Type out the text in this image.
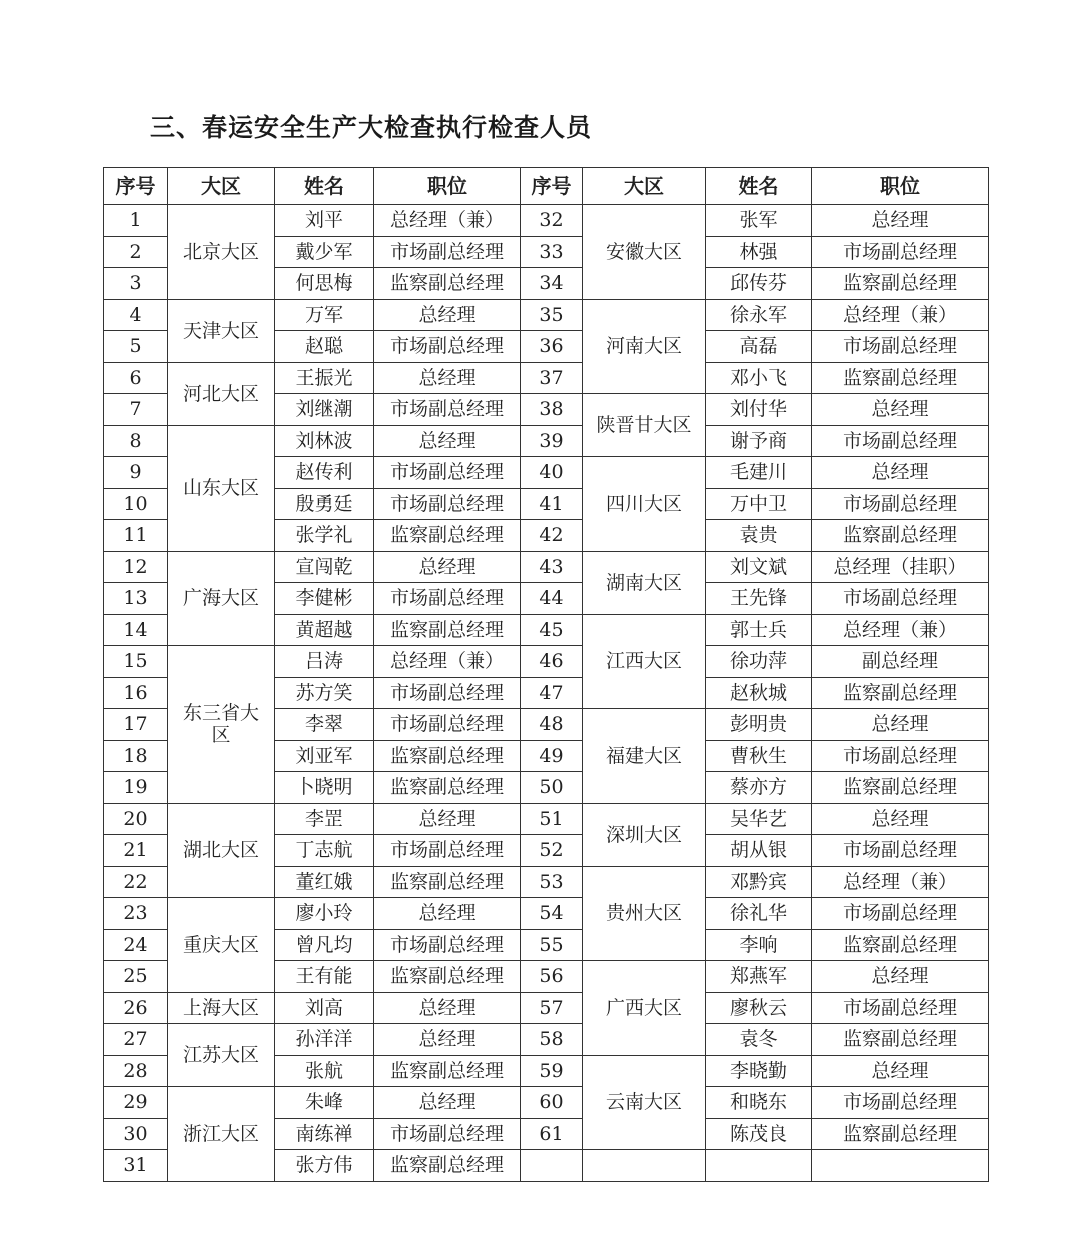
三、春运安全生产大检查执行检查人员
序号	大区	姓名	职位	序号	大区	姓名	职位
1	北京大区	刘平	总经理（兼）	32	安徽大区	张军	总经理
2		戴少军	市场副总经理	33		林强	市场副总经理
3		何思梅	监察副总经理	34		邱传芬	监察副总经理
4	天津大区	万军	总经理	35	河南大区	徐永军	总经理（兼）
5		赵聪	市场副总经理	36		高磊	市场副总经理
6	河北大区	王振光	总经理	37		邓小飞	监察副总经理
7		刘继潮	市场副总经理	38	陕晋甘大区	刘付华	总经理
8	山东大区	刘林波	总经理	39		谢予商	市场副总经理
9		赵传利	市场副总经理	40	四川大区	毛建川	总经理
10		殷勇廷	市场副总经理	41		万中卫	市场副总经理
11		张学礼	监察副总经理	42		袁贵	监察副总经理
12	广海大区	宣闯乾	总经理	43	湖南大区	刘文斌	总经理（挂职）
13		李健彬	市场副总经理	44		王先锋	市场副总经理
14		黄超越	监察副总经理	45	江西大区	郭士兵	总经理（兼）
15	东三省大区	吕涛	总经理（兼）	46		徐功萍	副总经理
16		苏方笑	市场副总经理	47		赵秋城	监察副总经理
17		李翠	市场副总经理	48	福建大区	彭明贵	总经理
18		刘亚军	监察副总经理	49		曹秋生	市场副总经理
19		卜晓明	监察副总经理	50		蔡亦方	监察副总经理
20	湖北大区	李罡	总经理	51	深圳大区	吴华艺	总经理
21		丁志航	市场副总经理	52		胡从银	市场副总经理
22		董红娥	监察副总经理	53	贵州大区	邓黔宾	总经理（兼）
23	重庆大区	廖小玲	总经理	54		徐礼华	市场副总经理
24		曾凡均	市场副总经理	55		李响	监察副总经理
25		王有能	监察副总经理	56	广西大区	郑燕军	总经理
26	上海大区	刘高	总经理	57		廖秋云	市场副总经理
27	江苏大区	孙洋洋	总经理	58		袁冬	监察副总经理
28		张航	监察副总经理	59	云南大区	李晓勤	总经理
29	浙江大区	朱峰	总经理	60		和晓东	市场副总经理
30		南练禅	市场副总经理	61		陈茂良	监察副总经理
31		张方伟	监察副总经理				
